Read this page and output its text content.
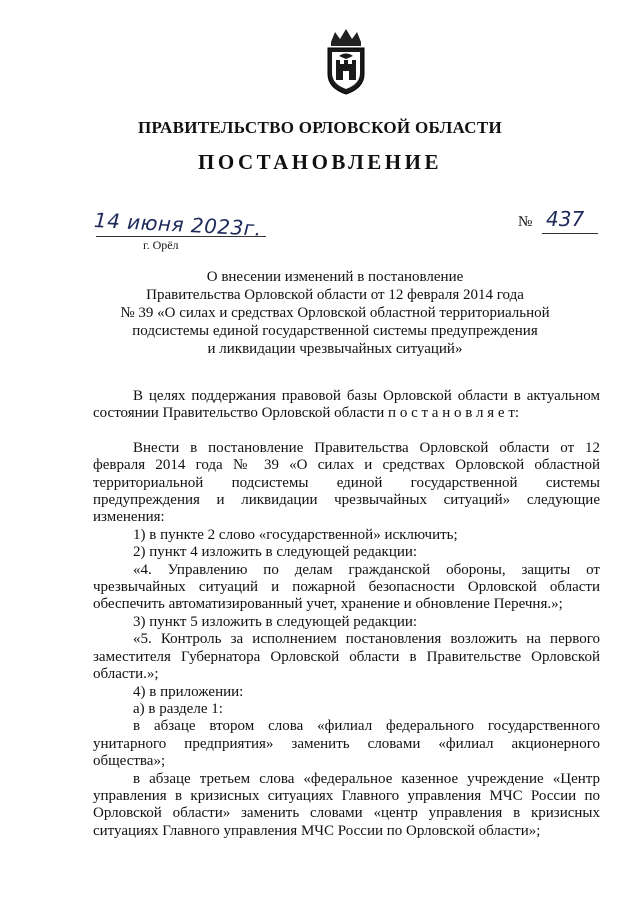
ПРАВИТЕЛЬСТВО ОРЛОВСКОЙ ОБЛАСТИ
ПОСТАНОВЛЕНИЕ
14 июня 2023г.
г. Орёл
№ 437
О внесении изменений в постановление
Правительства Орловской области от 12 февраля 2014 года
№ 39 «О силах и средствах Орловской областной территориальной
подсистемы единой государственной системы предупреждения
и ликвидации чрезвычайных ситуаций»

В целях поддержания правовой базы Орловской области в актуальном состоянии Правительство Орловской области п о с т а н о в л я е т:

Внести в постановление Правительства Орловской области от 12 февраля 2014 года № 39 «О силах и средствах Орловской областной территориальной подсистемы единой государственной системы предупреждения и ликвидации чрезвычайных ситуаций» следующие изменения:

1) в пункте 2 слово «государственной» исключить;

2) пункт 4 изложить в следующей редакции:

«4. Управлению по делам гражданской обороны, защиты от чрезвычайных ситуаций и пожарной безопасности Орловской области обеспечить автоматизированный учет, хранение и обновление Перечня.»;

3) пункт 5 изложить в следующей редакции:

«5. Контроль за исполнением постановления возложить на первого заместителя Губернатора Орловской области в Правительстве Орловской области.»;

4) в приложении:

а) в разделе 1:

в абзаце втором слова «филиал федерального государственного унитарного предприятия» заменить словами «филиал акционерного общества»;

в абзаце третьем слова «федеральное казенное учреждение «Центр управления в кризисных ситуациях Главного управления МЧС России по Орловской области» заменить словами «центр управления в кризисных ситуациях Главного управления МЧС России по Орловской области»;
